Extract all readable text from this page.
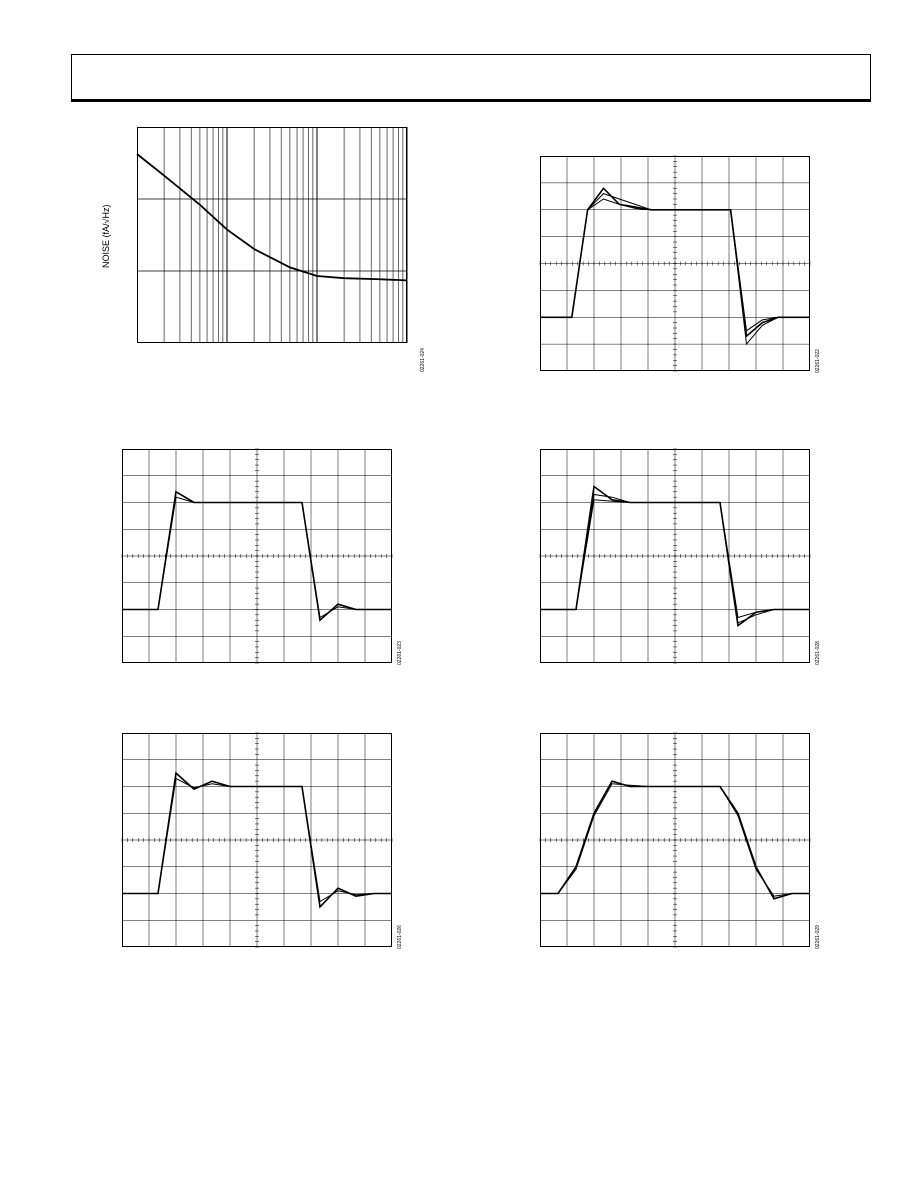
NOISE (fA/√Hz)
02261-024	02261-022
02261-023	02261-028
02261-026	02261-029
